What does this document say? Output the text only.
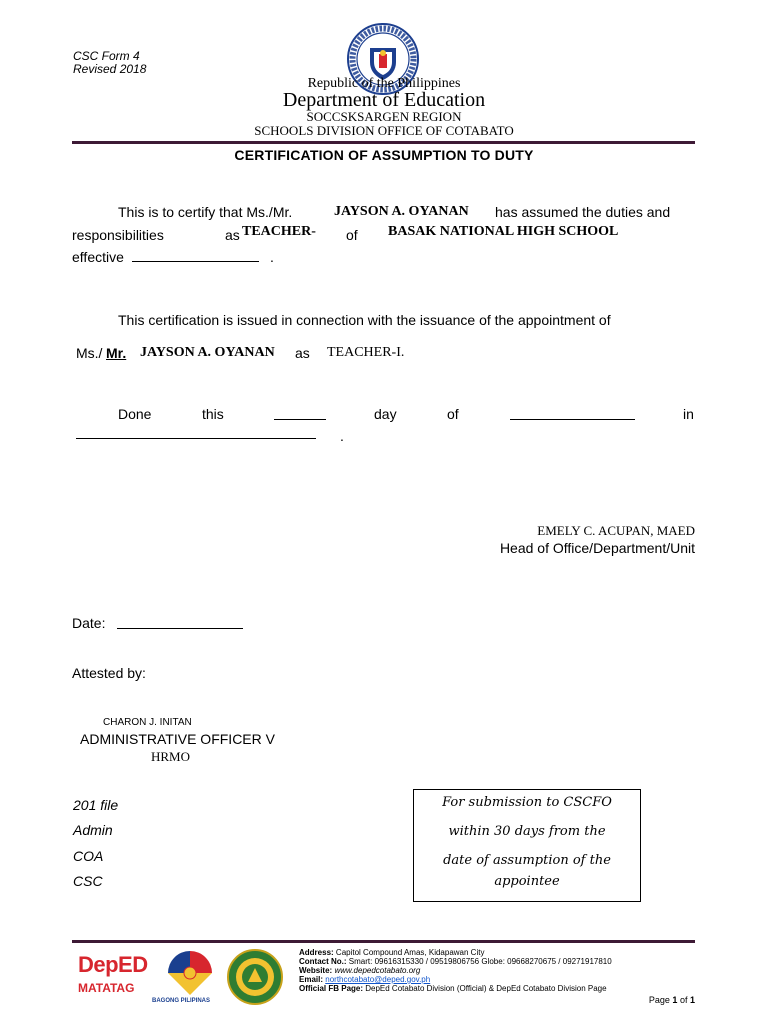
CSC Form 4
Revised 2018
Republic of the Philippines
Department of Education
SOCCSKSARGEN REGION
SCHOOLS DIVISION OFFICE OF COTABATO
CERTIFICATION OF ASSUMPTION TO DUTY
This is to certify that Ms./Mr.	JAYSON A. OYANAN has assumed the duties and
responsibilities	as TEACHER- of BASAK NATIONAL HIGH SCHOOL
effective	.
This certification is issued in connection with the issuance of the appointment of
Ms./ Mr. JAYSON A. OYANAN as TEACHER-I.
Done	this	day	of	in
.
EMELY C. ACUPAN, MAED
Head of Office/Department/Unit
Date:
Attested by:
CHARON J. INITAN
ADMINISTRATIVE OFFICER V
HRMO
201 file
Admin
COA
CSC
For submission to CSCFO
within 30 days from the
date of assumption of the
appointee
DepED
MATATAG
BAGONG PILIPINAS
Address: Capitol Compound Amas, Kidapawan City
Contact No.: Smart: 09616315330 / 09519806756 Globe: 09668270675 / 09271917810
Website: www.depedcotabato.org
Email: northcotabato@deped.gov.ph
Official FB Page: DepEd Cotabato Division (Official) & DepEd Cotabato Division Page
Page 1 of 1
